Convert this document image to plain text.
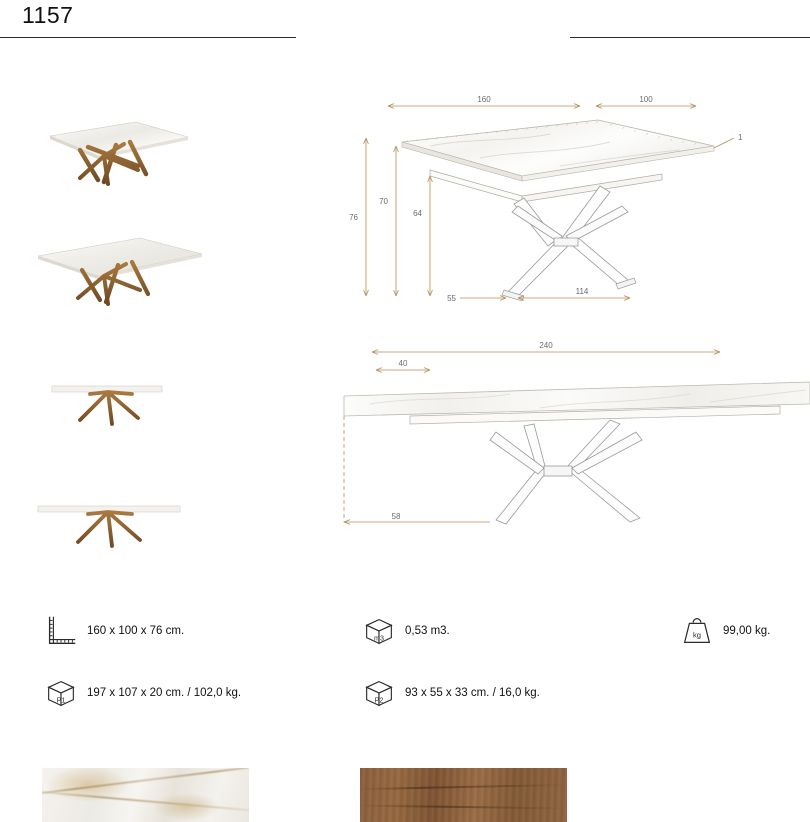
1157
160	100
1
76
70
64
55
114
240
40
58
160 x 100 x 76 cm.
m3
0,53 m3.	kg 99,00 kg.
P1
197 x 107 x 20 cm. / 102,0 kg.
P2
93 x 55 x 33 cm. / 16,0 kg.
